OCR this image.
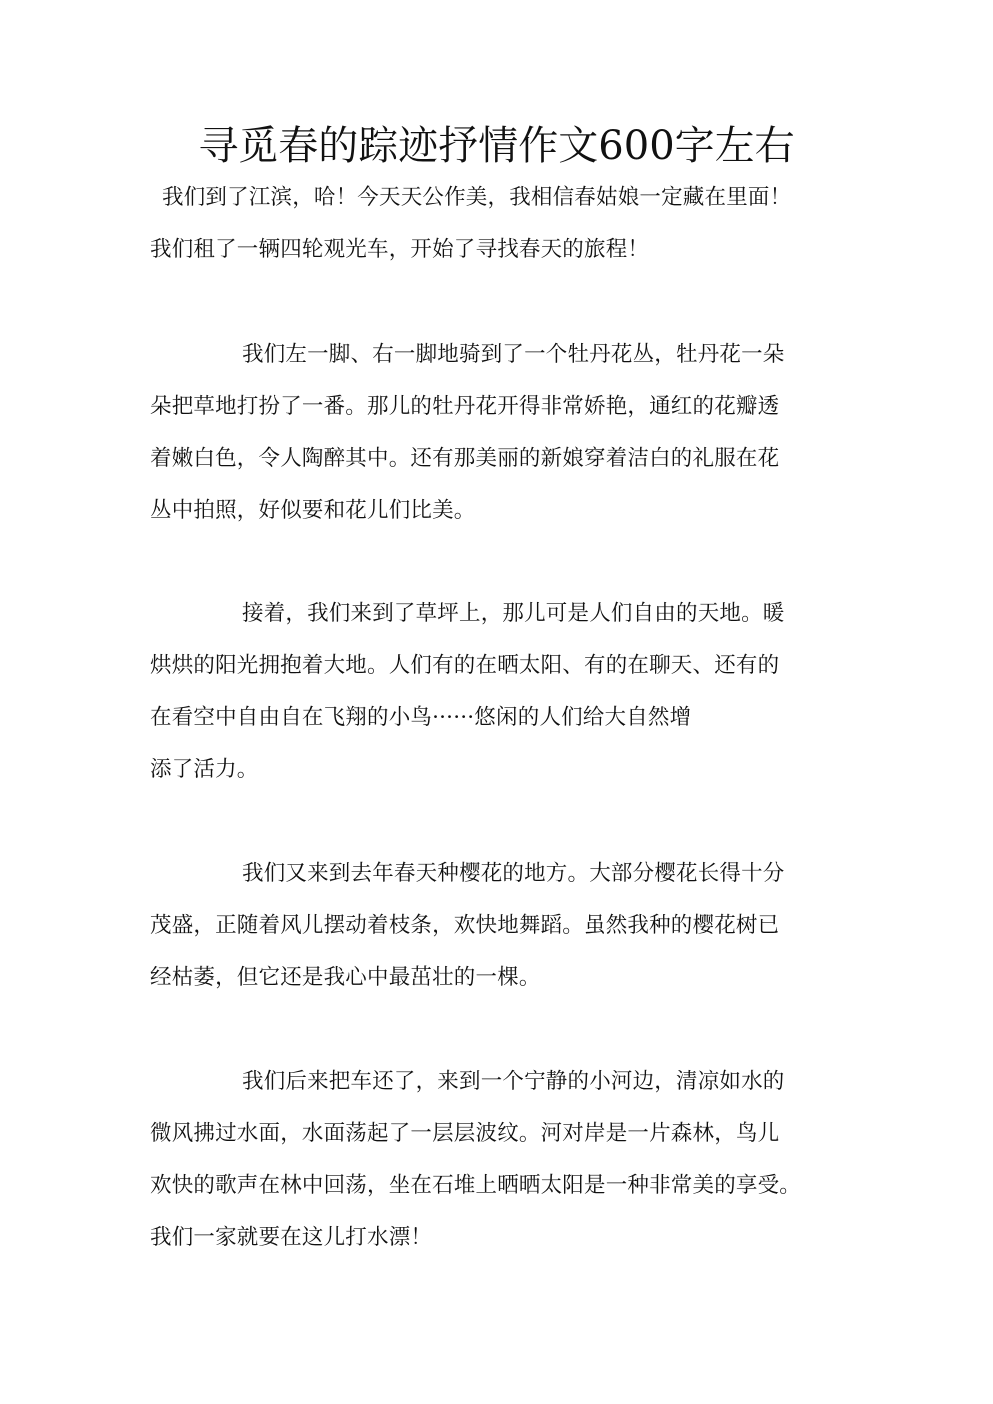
寻觅春的踪迹抒情作文600字左右
我们到了江滨，哈！今天天公作美，我相信春姑娘一定藏在里面！
我们租了一辆四轮观光车，开始了寻找春天的旅程！
我们左一脚、右一脚地骑到了一个牡丹花丛，牡丹花一朵
朵把草地打扮了一番。那儿的牡丹花开得非常娇艳，通红的花瓣透
着嫩白色，令人陶醉其中。还有那美丽的新娘穿着洁白的礼服在花
丛中拍照，好似要和花儿们比美。
接着，我们来到了草坪上，那儿可是人们自由的天地。暖
烘烘的阳光拥抱着大地。人们有的在晒太阳、有的在聊天、还有的
在看空中自由自在飞翔的小鸟······悠闲的人们给大自然增
添了活力。
我们又来到去年春天种樱花的地方。大部分樱花长得十分
茂盛，正随着风儿摆动着枝条，欢快地舞蹈。虽然我种的樱花树已
经枯萎，但它还是我心中最茁壮的一棵。
我们后来把车还了，来到一个宁静的小河边，清凉如水的
微风拂过水面，水面荡起了一层层波纹。河对岸是一片森林，鸟儿
欢快的歌声在林中回荡，坐在石堆上晒晒太阳是一种非常美的享受。
我们一家就要在这儿打水漂！
